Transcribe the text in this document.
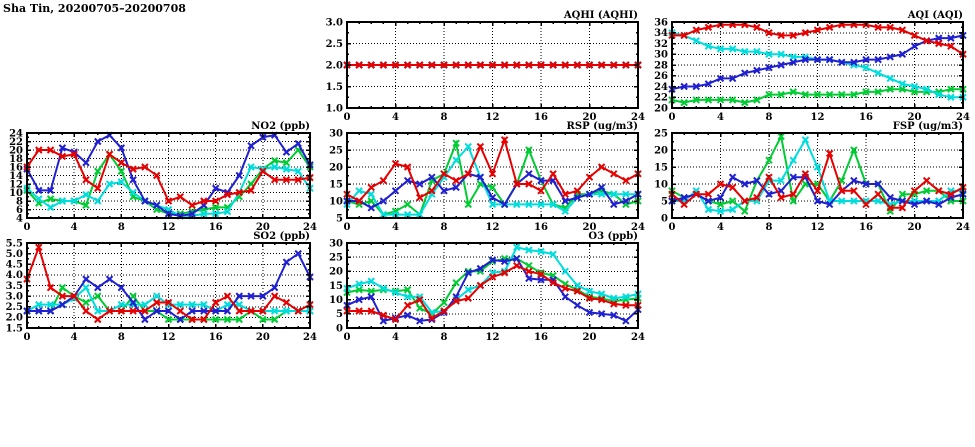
Sha Tin, 20200705–20200708
1.0
1.5
2.0
2.5
3.0
0	4	8	12	16	20	24
AQHI (AQHI)
20
22
24
26
28
30
32
34
36
0	4	8	12	16	20	24
AQI (AQI)
4
6
8
10
12
14
16
18
20
22
24
0	4	8	12	16	20	24
NO2 (ppb)
5
10
15
20
25
30
0	4	8	12	16	20	24
RSP (ug/m3)
0
5
10
15
20
25
0	4	8	12	16	20	24
FSP (ug/m3)
1.5
2.0
2.5
3.0
3.5
4.0
4.5
5.0
5.5
0	4	8	12	16	20	24
SO2 (ppb)
0
5
10
15
20
25
30
0	4	8	12	16	20	24
O3 (ppb)
